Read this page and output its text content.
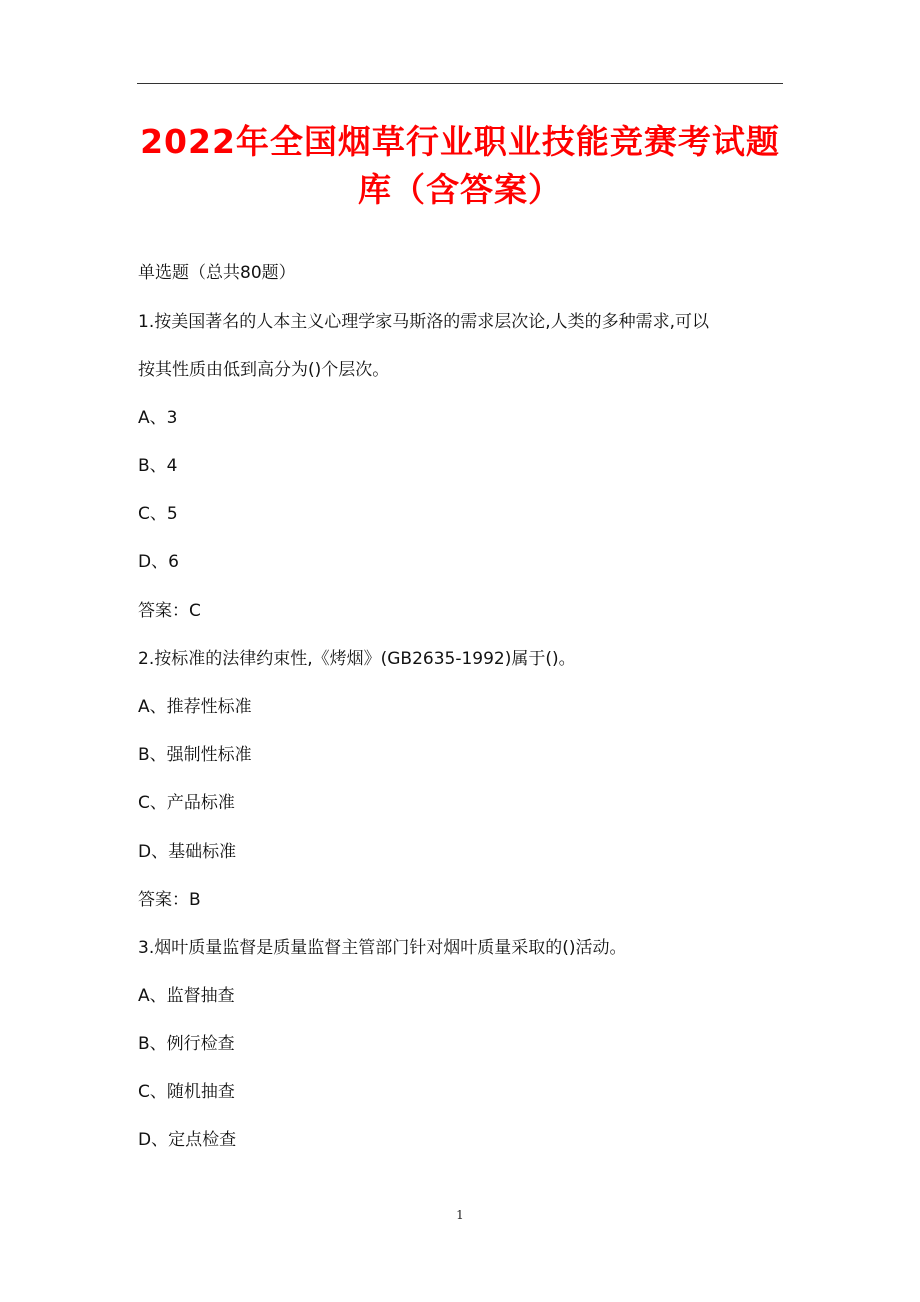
2022年全国烟草行业职业技能竞赛考试题
库（含答案）
单选题（总共80题）
1.按美国著名的人本主义心理学家马斯洛的需求层次论,人类的多种需求,可以
按其性质由低到高分为()个层次。
A、3
B、4
C、5
D、6
答案：C
2.按标准的法律约束性,《烤烟》(GB2635-1992)属于()。
A、推荐性标准
B、强制性标准
C、产品标准
D、基础标准
答案：B
3.烟叶质量监督是质量监督主管部门针对烟叶质量采取的()活动。
A、监督抽查
B、例行检查
C、随机抽查
D、定点检查
1
